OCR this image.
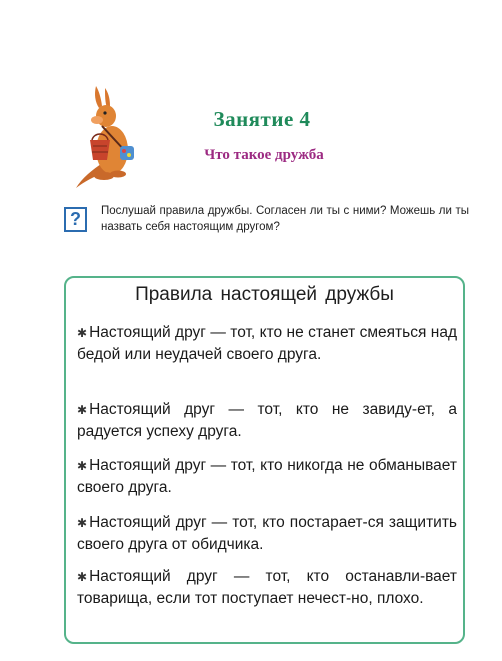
Занятие 4
Что такое дружба
?	Послушай правила дружбы. Согласен ли ты с ними? Можешь ли ты назвать себя настоящим другом?
Правила настоящей дружбы
✱ Настоящий друг — тот, кто не станет смеяться над бедой или неудачей своего друга.
✱ Настоящий друг — тот, кто не завиду-ет, а радуется успеху друга.
✱ Настоящий друг — тот, кто никогда не обманывает своего друга.
✱ Настоящий друг — тот, кто постарает-ся защитить своего друга от обидчика.
✱ Настоящий друг — тот, кто останавли-вает товарища, если тот поступает нечест-но, плохо.
